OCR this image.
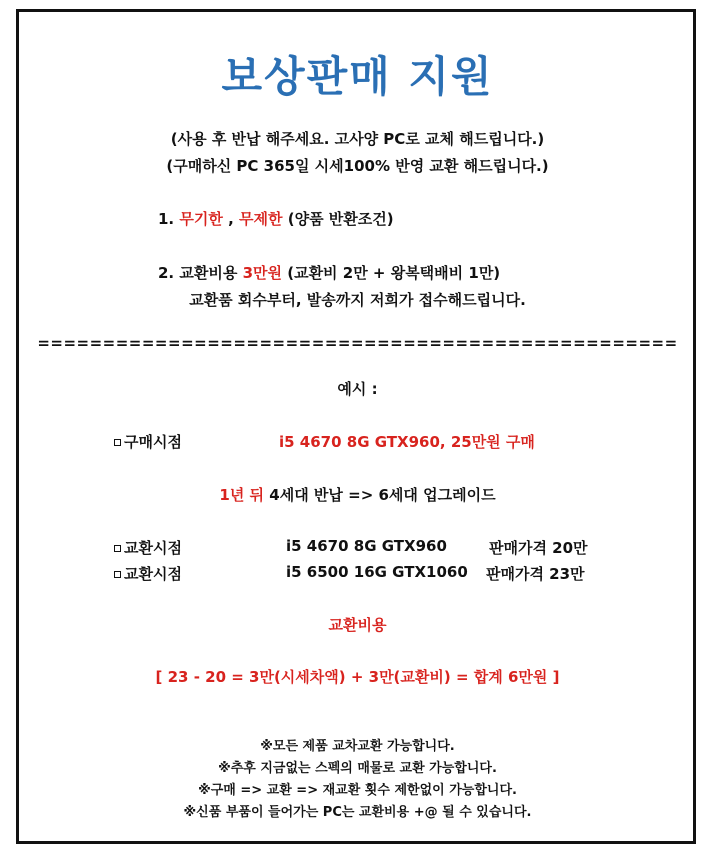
보상판매 지원
(사용 후 반납 해주세요. 고사양 PC로 교체 해드립니다.)
(구매하신 PC 365일 시세100% 반영 교환 해드립니다.)
1. 무기한 , 무제한 (양품 반환조건)
2. 교환비용 3만원 (교환비 2만 + 왕복택배비 1만)
교환품 회수부터, 발송까지 저희가 접수해드립니다.
=================================================
예시 :
구매시점	i5 4670 8G GTX960, 25만원 구매
1년 뒤 4세대 반납 => 6세대 업그레이드
교환시점	i5 4670 8G GTX960	판매가격 20만
교환시점	i5 6500 16G GTX1060 판매가격 23만
교환비용
[ 23 - 20 = 3만(시세차액) + 3만(교환비) = 합계 6만원 ]
※모든 제품 교차교환 가능합니다.
※추후 지금없는 스펙의 매물로 교환 가능합니다.
※구매 => 교환 => 재교환 횟수 제한없이 가능합니다.
※신품 부품이 들어가는 PC는 교환비용 +@ 될 수 있습니다.
